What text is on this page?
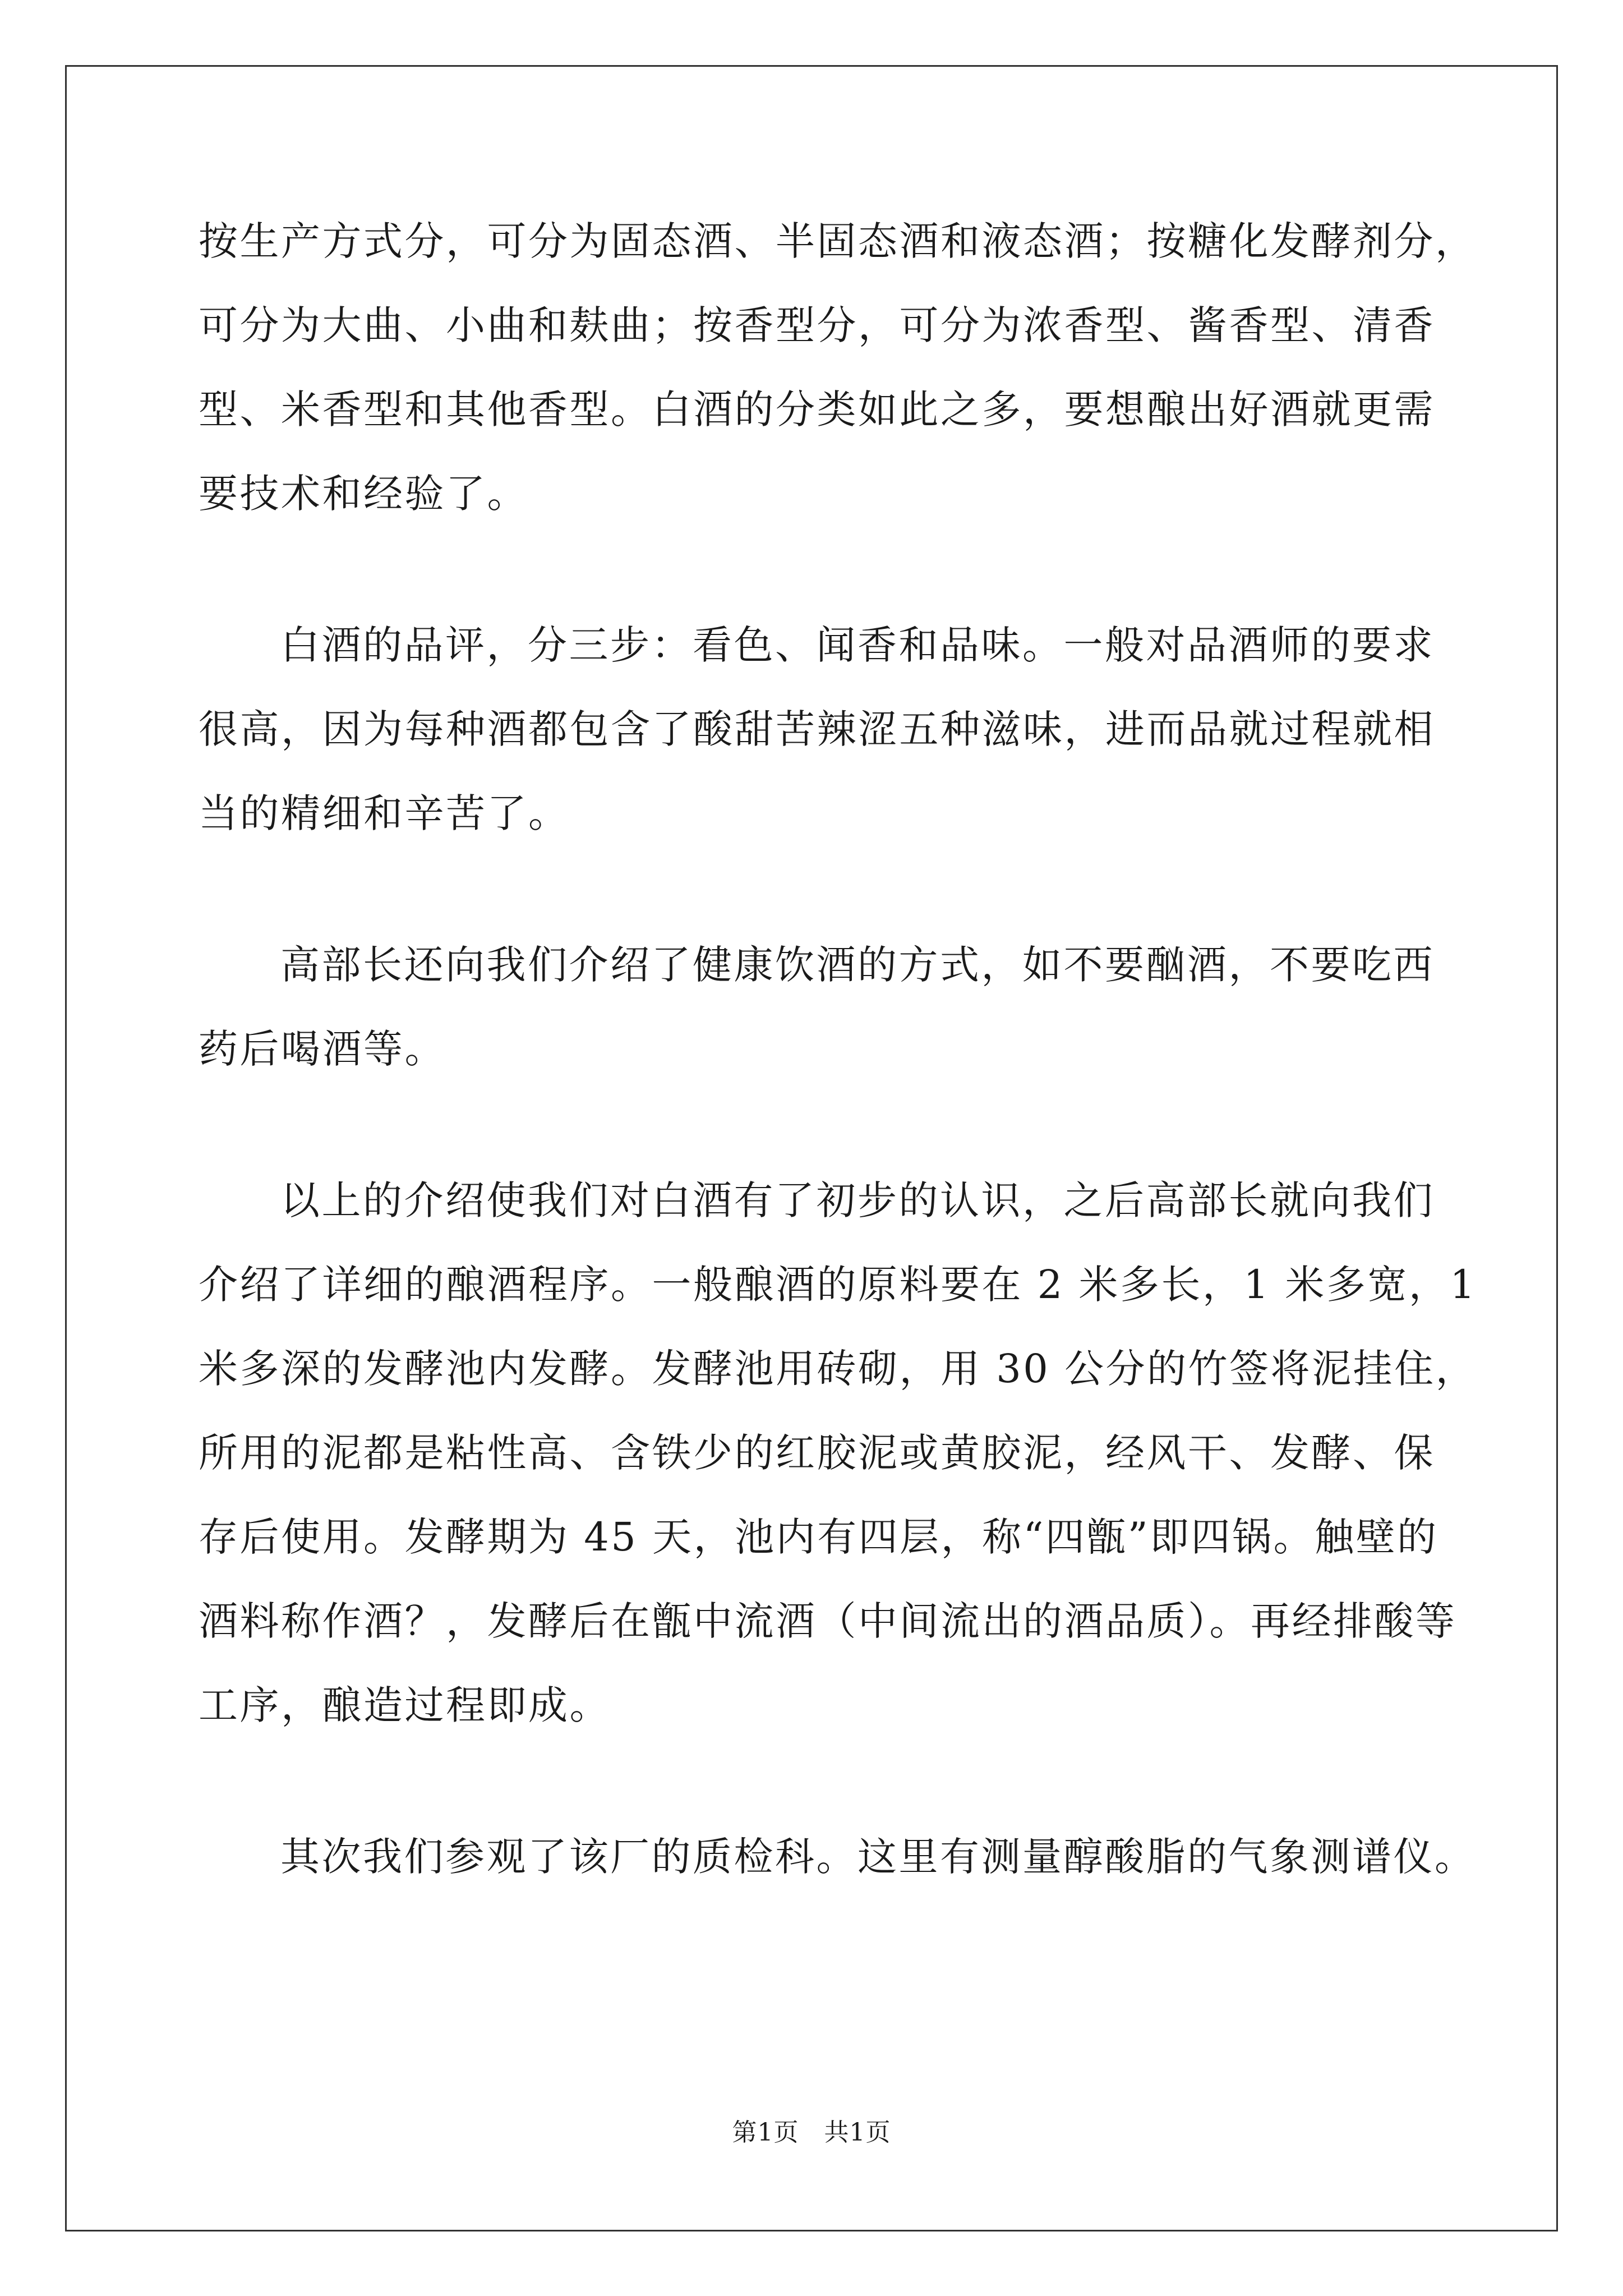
按生产方式分，可分为固态酒、半固态酒和液态酒；按糖化发酵剂分，
可分为大曲、小曲和麸曲；按香型分，可分为浓香型、酱香型、清香
型、米香型和其他香型。白酒的分类如此之多，要想酿出好酒就更需
要技术和经验了。
白酒的品评，分三步：看色、闻香和品味。一般对品酒师的要求
很高，因为每种酒都包含了酸甜苦辣涩五种滋味，进而品就过程就相
当的精细和辛苦了。
高部长还向我们介绍了健康饮酒的方式，如不要酗酒，不要吃西
药后喝酒等。
以上的介绍使我们对白酒有了初步的认识，之后高部长就向我们
介绍了详细的酿酒程序。一般酿酒的原料要在 2 米多长，1 米多宽，1
米多深的发酵池内发酵。发酵池用砖砌，用 30 公分的竹签将泥挂住，
所用的泥都是粘性高、含铁少的红胶泥或黄胶泥，经风干、发酵、保
存后使用。发酵期为 45 天，池内有四层，称“四甑”即四锅。触壁的
酒料称作酒？，发酵后在甑中流酒（中间流出的酒品质）。再经排酸等
工序，酿造过程即成。
其次我们参观了该厂的质检科。这里有测量醇酸脂的气象测谱仪。
第1页　共1页
